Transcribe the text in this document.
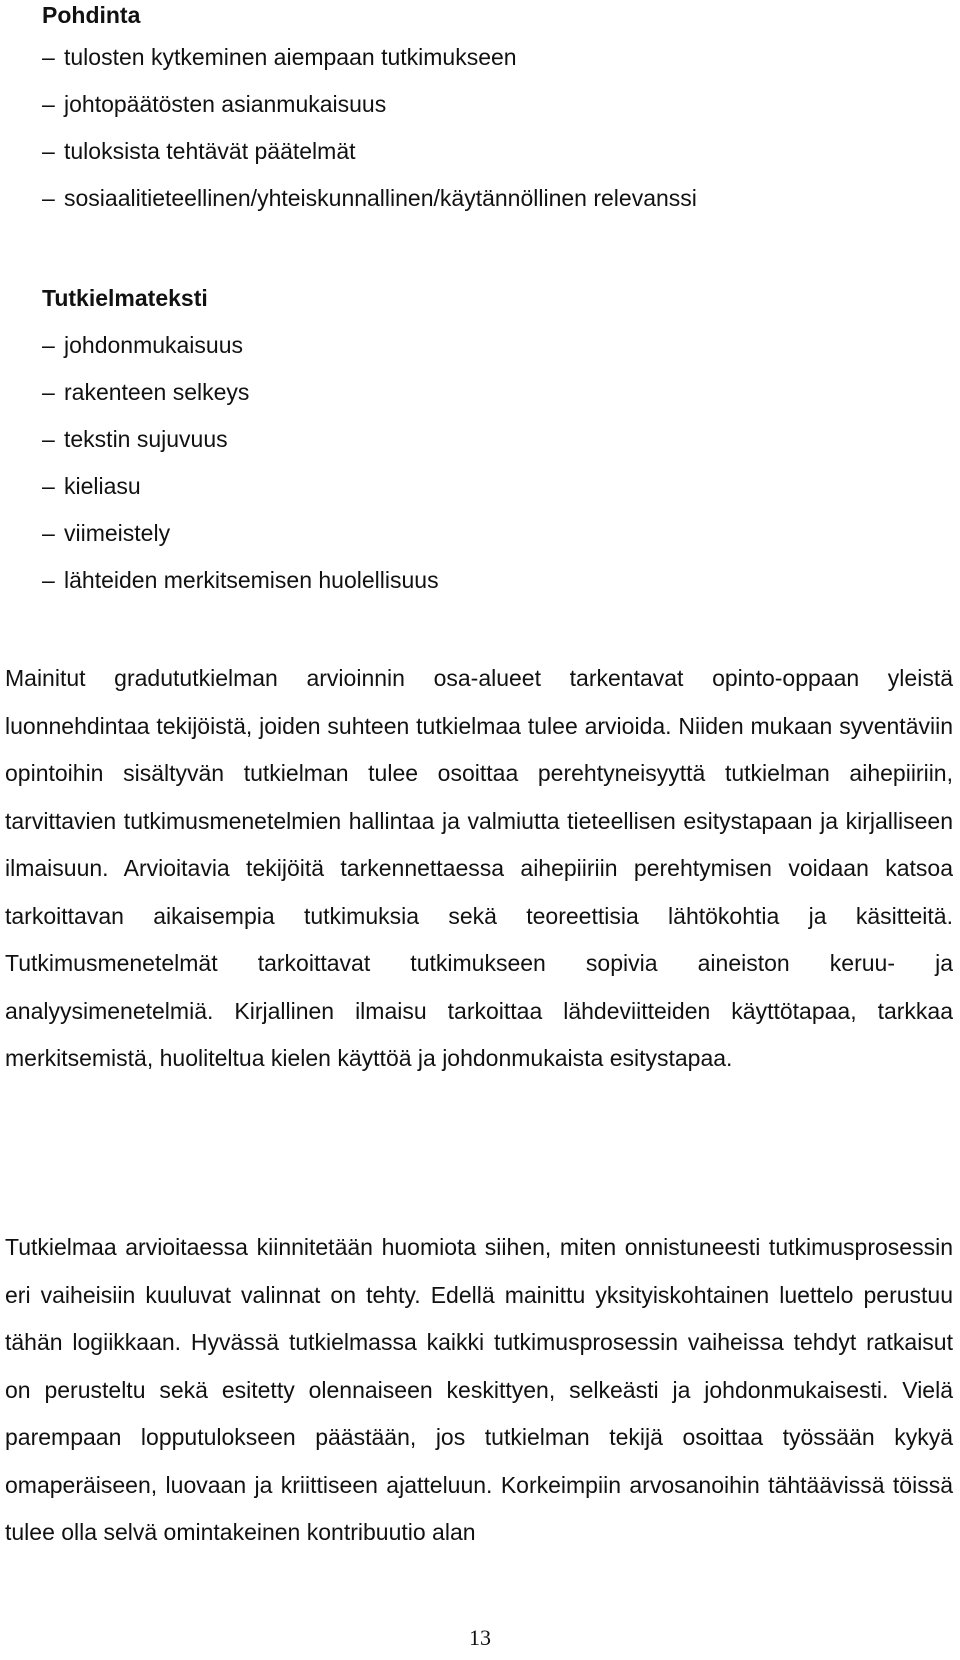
Pohdinta
– tulosten kytkeminen aiempaan tutkimukseen
– johtopäätösten asianmukaisuus
– tuloksista tehtävät päätelmät
– sosiaalitieteellinen/yhteiskunnallinen/käytännöllinen relevanssi
Tutkielmateksti
– johdonmukaisuus
– rakenteen selkeys
– tekstin sujuvuus
– kieliasu
– viimeistely
– lähteiden merkitsemisen huolellisuus

Mainitut gradututkielman arvioinnin osa-alueet tarkentavat opinto-oppaan yleistä luonnehdintaa tekijöistä, joiden suhteen tutkielmaa tulee arvioida. Niiden mukaan syventäviin opintoihin sisältyvän tutkielman tulee osoittaa perehtyneisyyttä tutkielman aihepiiriin, tarvittavien tutkimusmenetelmien hallintaa ja valmiutta tieteellisen esitystapaan ja kirjalliseen ilmaisuun. Arvioitavia tekijöitä tarkennettaessa aihepiiriin perehtymisen voidaan katsoa tarkoittavan aikaisempia tutkimuksia sekä teoreettisia lähtökohtia ja käsitteitä. Tutkimusmenetelmät tarkoittavat tutkimukseen sopivia aineiston keruu- ja analyysimenetelmiä. Kirjallinen ilmaisu tarkoittaa lähdeviitteiden käyttötapaa, tarkkaa merkitsemistä, huoliteltua kielen käyttöä ja johdonmukaista esitystapaa.

Tutkielmaa arvioitaessa kiinnitetään huomiota siihen, miten onnistuneesti tutkimusprosessin eri vaiheisiin kuuluvat valinnat on tehty. Edellä mainittu yksityiskohtainen luettelo perustuu tähän logiikkaan. Hyvässä tutkielmassa kaikki tutkimusprosessin vaiheissa tehdyt ratkaisut on perusteltu sekä esitetty olennaiseen keskittyen, selkeästi ja johdonmukaisesti. Vielä parempaan lopputulokseen päästään, jos tutkielman tekijä osoittaa työssään kykyä omaperäiseen, luovaan ja kriittiseen ajatteluun. Korkeimpiin arvosanoihin tähtäävissä töissä tulee olla selvä omintakeinen kontribuutio alan

13
